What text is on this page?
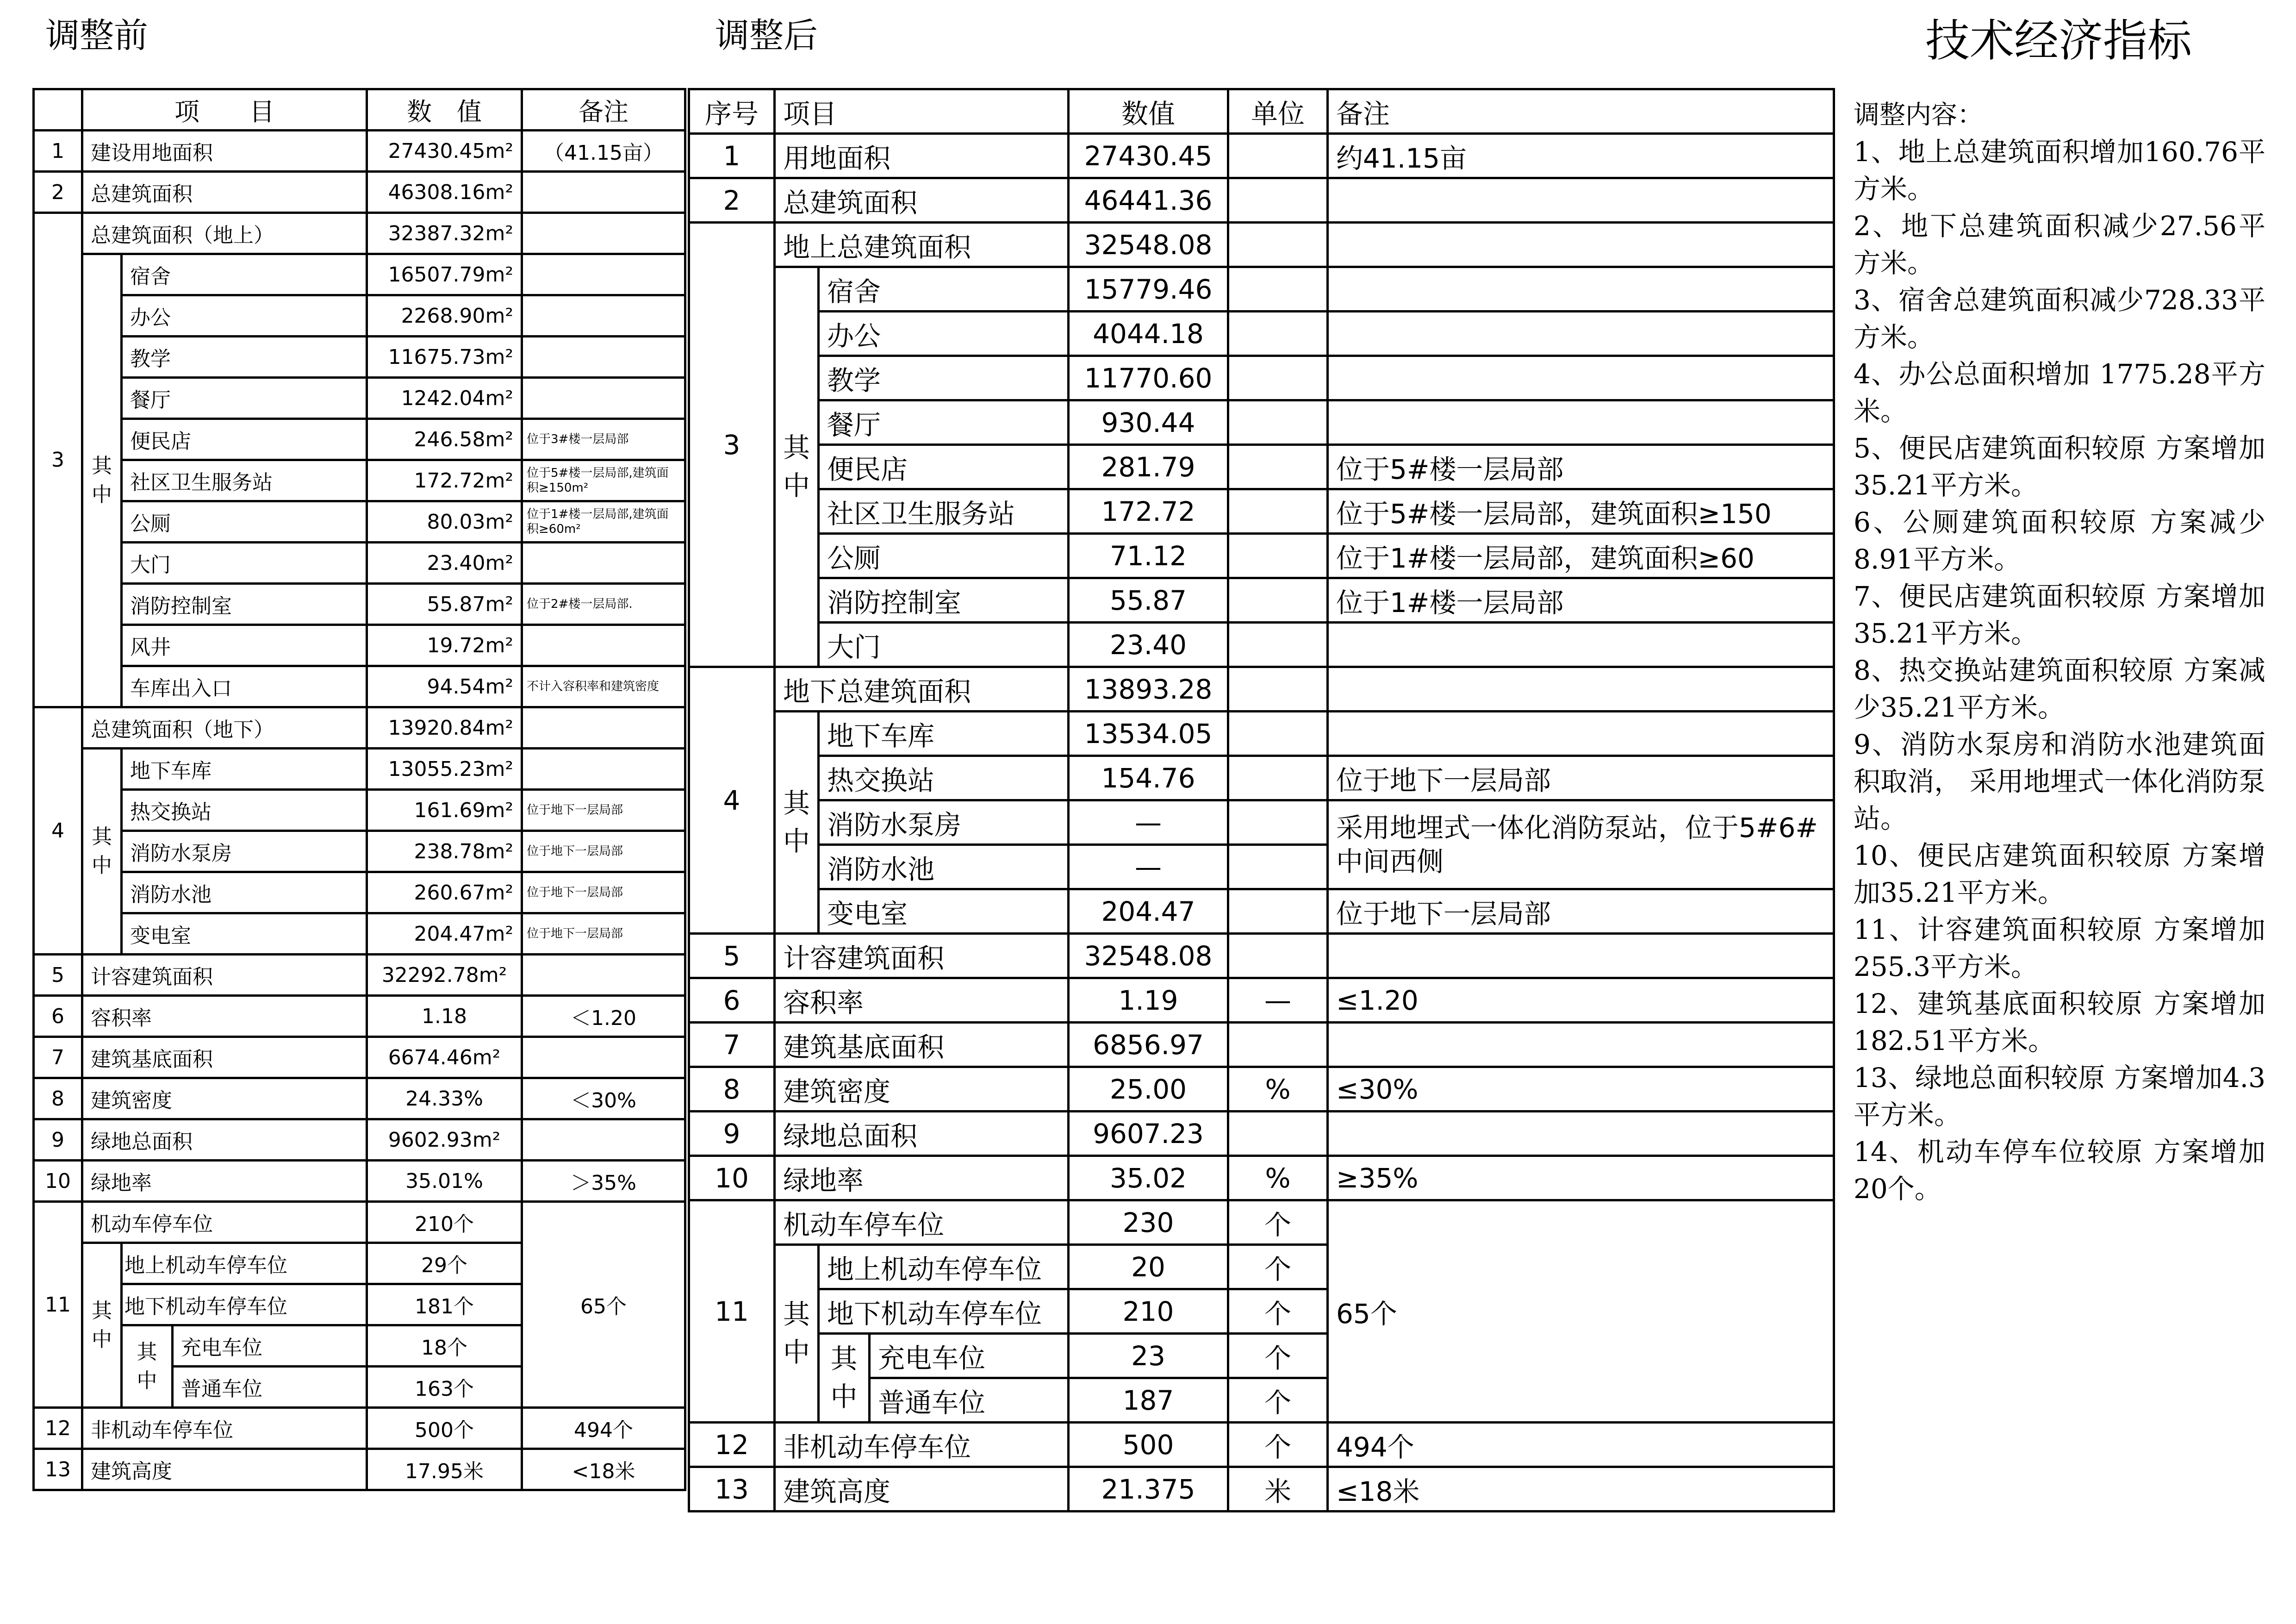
调整前	调整后	技术经济指标
	项　　目			数　值	备注
1	建设用地面积			27430.45m²	（41.15亩）
2	总建筑面积			46308.16m²	
3	总建筑面积（地上）			32387.32m²	
	其
中	宿舍		16507.79m²	
		办公		2268.90m²	
		教学		11675.73m²	
		餐厅		1242.04m²	
		便民店		246.58m²	位于3#楼一层局部
		社区卫生服务站		172.72m²	位于5#楼一层局部,建筑面积≥150m²
		公厕		80.03m²	位于1#楼一层局部,建筑面积≥60m²
		大门		23.40m²	
		消防控制室		55.87m²	位于2#楼一层局部.
		风井		19.72m²	
		车库出入口		94.54m²	不计入容积率和建筑密度
4	总建筑面积（地下）			13920.84m²	
	其
中	地下车库		13055.23m²	
		热交换站		161.69m²	位于地下一层局部
		消防水泵房		238.78m²	位于地下一层局部
		消防水池		260.67m²	位于地下一层局部
		变电室		204.47m²	位于地下一层局部
5	计容建筑面积			32292.78m²	
6	容积率			1.18	＜1.20
7	建筑基底面积			6674.46m²	
8	建筑密度			24.33%	＜30%
9	绿地总面积			9602.93m²	
10	绿地率			35.01%	＞35%
11	机动车停车位			210个	65个
	其
中	地上机动车停车位		29个	
		地下机动车停车位		181个	
		其
中	充电车位	18个	
			普通车位	163个	
12	非机动车停车位			500个	494个
13	建筑高度			17.95米	<18米
序号	项目			数值	单位	备注
1	用地面积			27430.45		约41.15亩
2	总建筑面积			46441.36		
3	地上总建筑面积			32548.08		
	其
中	宿舍		15779.46		
		办公		4044.18		
		教学		11770.60		
		餐厅		930.44		
		便民店		281.79		位于5#楼一层局部
		社区卫生服务站		172.72		位于5#楼一层局部，建筑面积≥150
		公厕		71.12		位于1#楼一层局部，建筑面积≥60
		消防控制室		55.87		位于1#楼一层局部
		大门		23.40		
4	地下总建筑面积			13893.28		
	其
中	地下车库		13534.05		
		热交换站		154.76		位于地下一层局部
		消防水泵房		—		采用地埋式一体化消防泵站，位于5#6#中间西侧
		消防水池		—		
		变电室		204.47		位于地下一层局部
5	计容建筑面积			32548.08		
6	容积率			1.19	—	≤1.20
7	建筑基底面积			6856.97		
8	建筑密度			25.00	%	≤30%
9	绿地总面积			9607.23		
10	绿地率			35.02	%	≥35%
11	机动车停车位			230	个	65个
	其
中	地上机动车停车位		20	个	
		地下机动车停车位		210	个	
		其
中	充电车位	23	个	
			普通车位	187	个	
12	非机动车停车位			500	个	494个
13	建筑高度			21.375	米	≤18米
调整内容：
1、地上总建筑面积增加160.76平方米。
2、地下总建筑面积减少27.56平方米。
3、宿舍总建筑面积减少728.33平方米。
4、办公总面积增加 1775.28平方米。
5、便民店建筑面积较原 方案增加35.21平方米。
6、公厕建筑面积较原 方案减少8.91平方米。
7、便民店建筑面积较原 方案增加35.21平方米。
8、热交换站建筑面积较原 方案减少35.21平方米。
9、消防水泵房和消防水池建筑面积取消， 采用地埋式一体化消防泵站。
10、便民店建筑面积较原 方案增加35.21平方米。
11、计容建筑面积较原 方案增加255.3平方米。
12、建筑基底面积较原 方案增加182.51平方米。
13、绿地总面积较原 方案增加4.3平方米。
14、机动车停车位较原 方案增加20个。
